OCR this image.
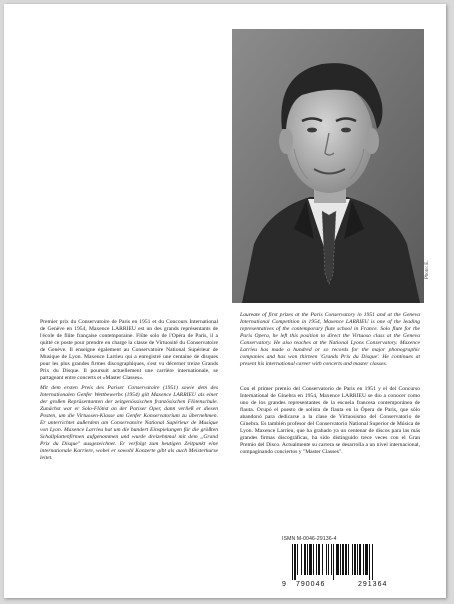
Photo: E.

Premier prix du Conservatoire de Paris en 1951 et du Concours International de Genève en 1954, Maxence LARRIEU est un des grands représentants de l'école de flûte française contemporaine. Flûte solo de l'Opéra de Paris, il a quitté ce poste pour prendre en charge la classe de Virtuosité du Conservatoire de Genève. Il enseigne également au Conservatoire National Supérieur de Musique de Lyon. Maxence Larrieu qui a enregistré une centaine de disques pour les plus grandes firmes discographiques, s'est vu décerner treize Grands Prix du Disque. Il poursuit actuellement une carrière internationale, se partageant entre concerts et «Master Classes».

Mit dem ersten Preis des Pariser Conservatoire (1951) sowie dem des Internationalen Genfer Wettbewerbs (1954) gilt Maxence LARRIEU als einer der großen Repräsentanten der zeitgenössischen französischen Flötenschule. Zunächst war er Solo-Flötist an der Pariser Oper, dann verließ er diesen Posten, um die Virtuosen-Klasse am Genfer Konservatorium zu übernehmen. Er unterrichtet außerdem am Conservatoire National Supérieur de Musique von Lyon. Maxence Larrieu hat um die hundert Einspielungen für die größten Schallplattenfirmen aufgenommen und wurde dreizehnmal mit dem „Grand Prix du Disque" ausgezeichnet. Er verfolgt zum heutigen Zeitpunkt eine internationale Karriere, wobei er sowohl Konzerte gibt als auch Meisterkurse leitet.

Laureate of first prizes at the Paris Conservatory in 1951 and at the Geneva International Competition in 1954, Maxence LARRIEU is one of the leading representatives of the contemporary flute school in France. Solo flute for the Paris Opera, he left this position to direct the Virtuoso class at the Geneva Conservatory. He also teaches at the National Lyons Conservatory. Maxence Larrieu has made a hundred or so records for the major phonographic companies and has won thirteen 'Grands Prix du Disque'. He continues at present his international career with concerts and master classes.

Con el primer premio del Conservatorio de Paris en 1951 y el del Concurso International de Ginebra en 1954, Maxence LARRIEU se dio a conocer como uno de los grandes representantes de la escuela francesa contemporánea de flauta. Ocupó el puesto de solista de flauta en la Ópera de Paris, que sólo abandonó para dedicarse a la clase de Virtuosismo del Conservatorio de Ginebra. Es también profesor del Conservatorio National Superior de Música de Lyon. Maxence Larrieu, que ha grabado ya un centenar de discos para las más grandes firmas discográficas, ha sido distinguido trece veces con el Gran Premio del Disco. Actualmente su carrera se desarrolla a un nivel internacional, compaginando conciertos y "Master Classes".

ISMN M-0046-29136-4
9 790046	291364
